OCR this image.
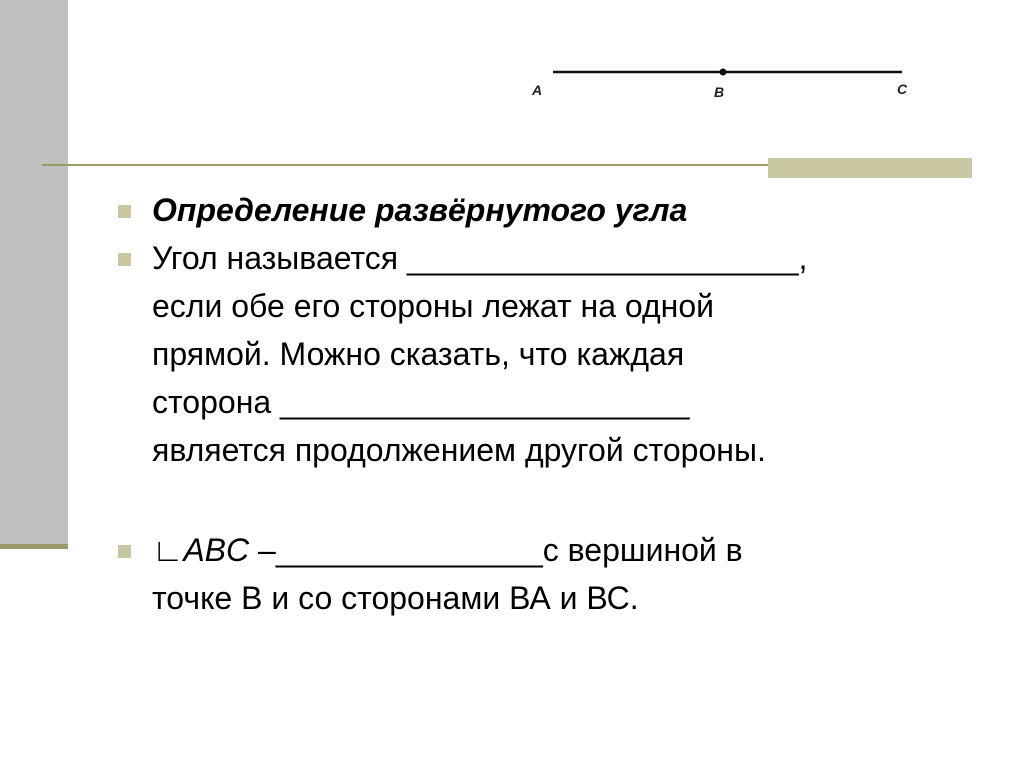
A	B	C
Определение развёрнутого угла
Угол называется ______________________,
если обе его стороны лежат на одной
прямой. Можно сказать, что каждая
сторона _______________________
является продолжением другой стороны.
∟ABC –_______________с вершиной в
точке В и со сторонами ВА и ВС.
